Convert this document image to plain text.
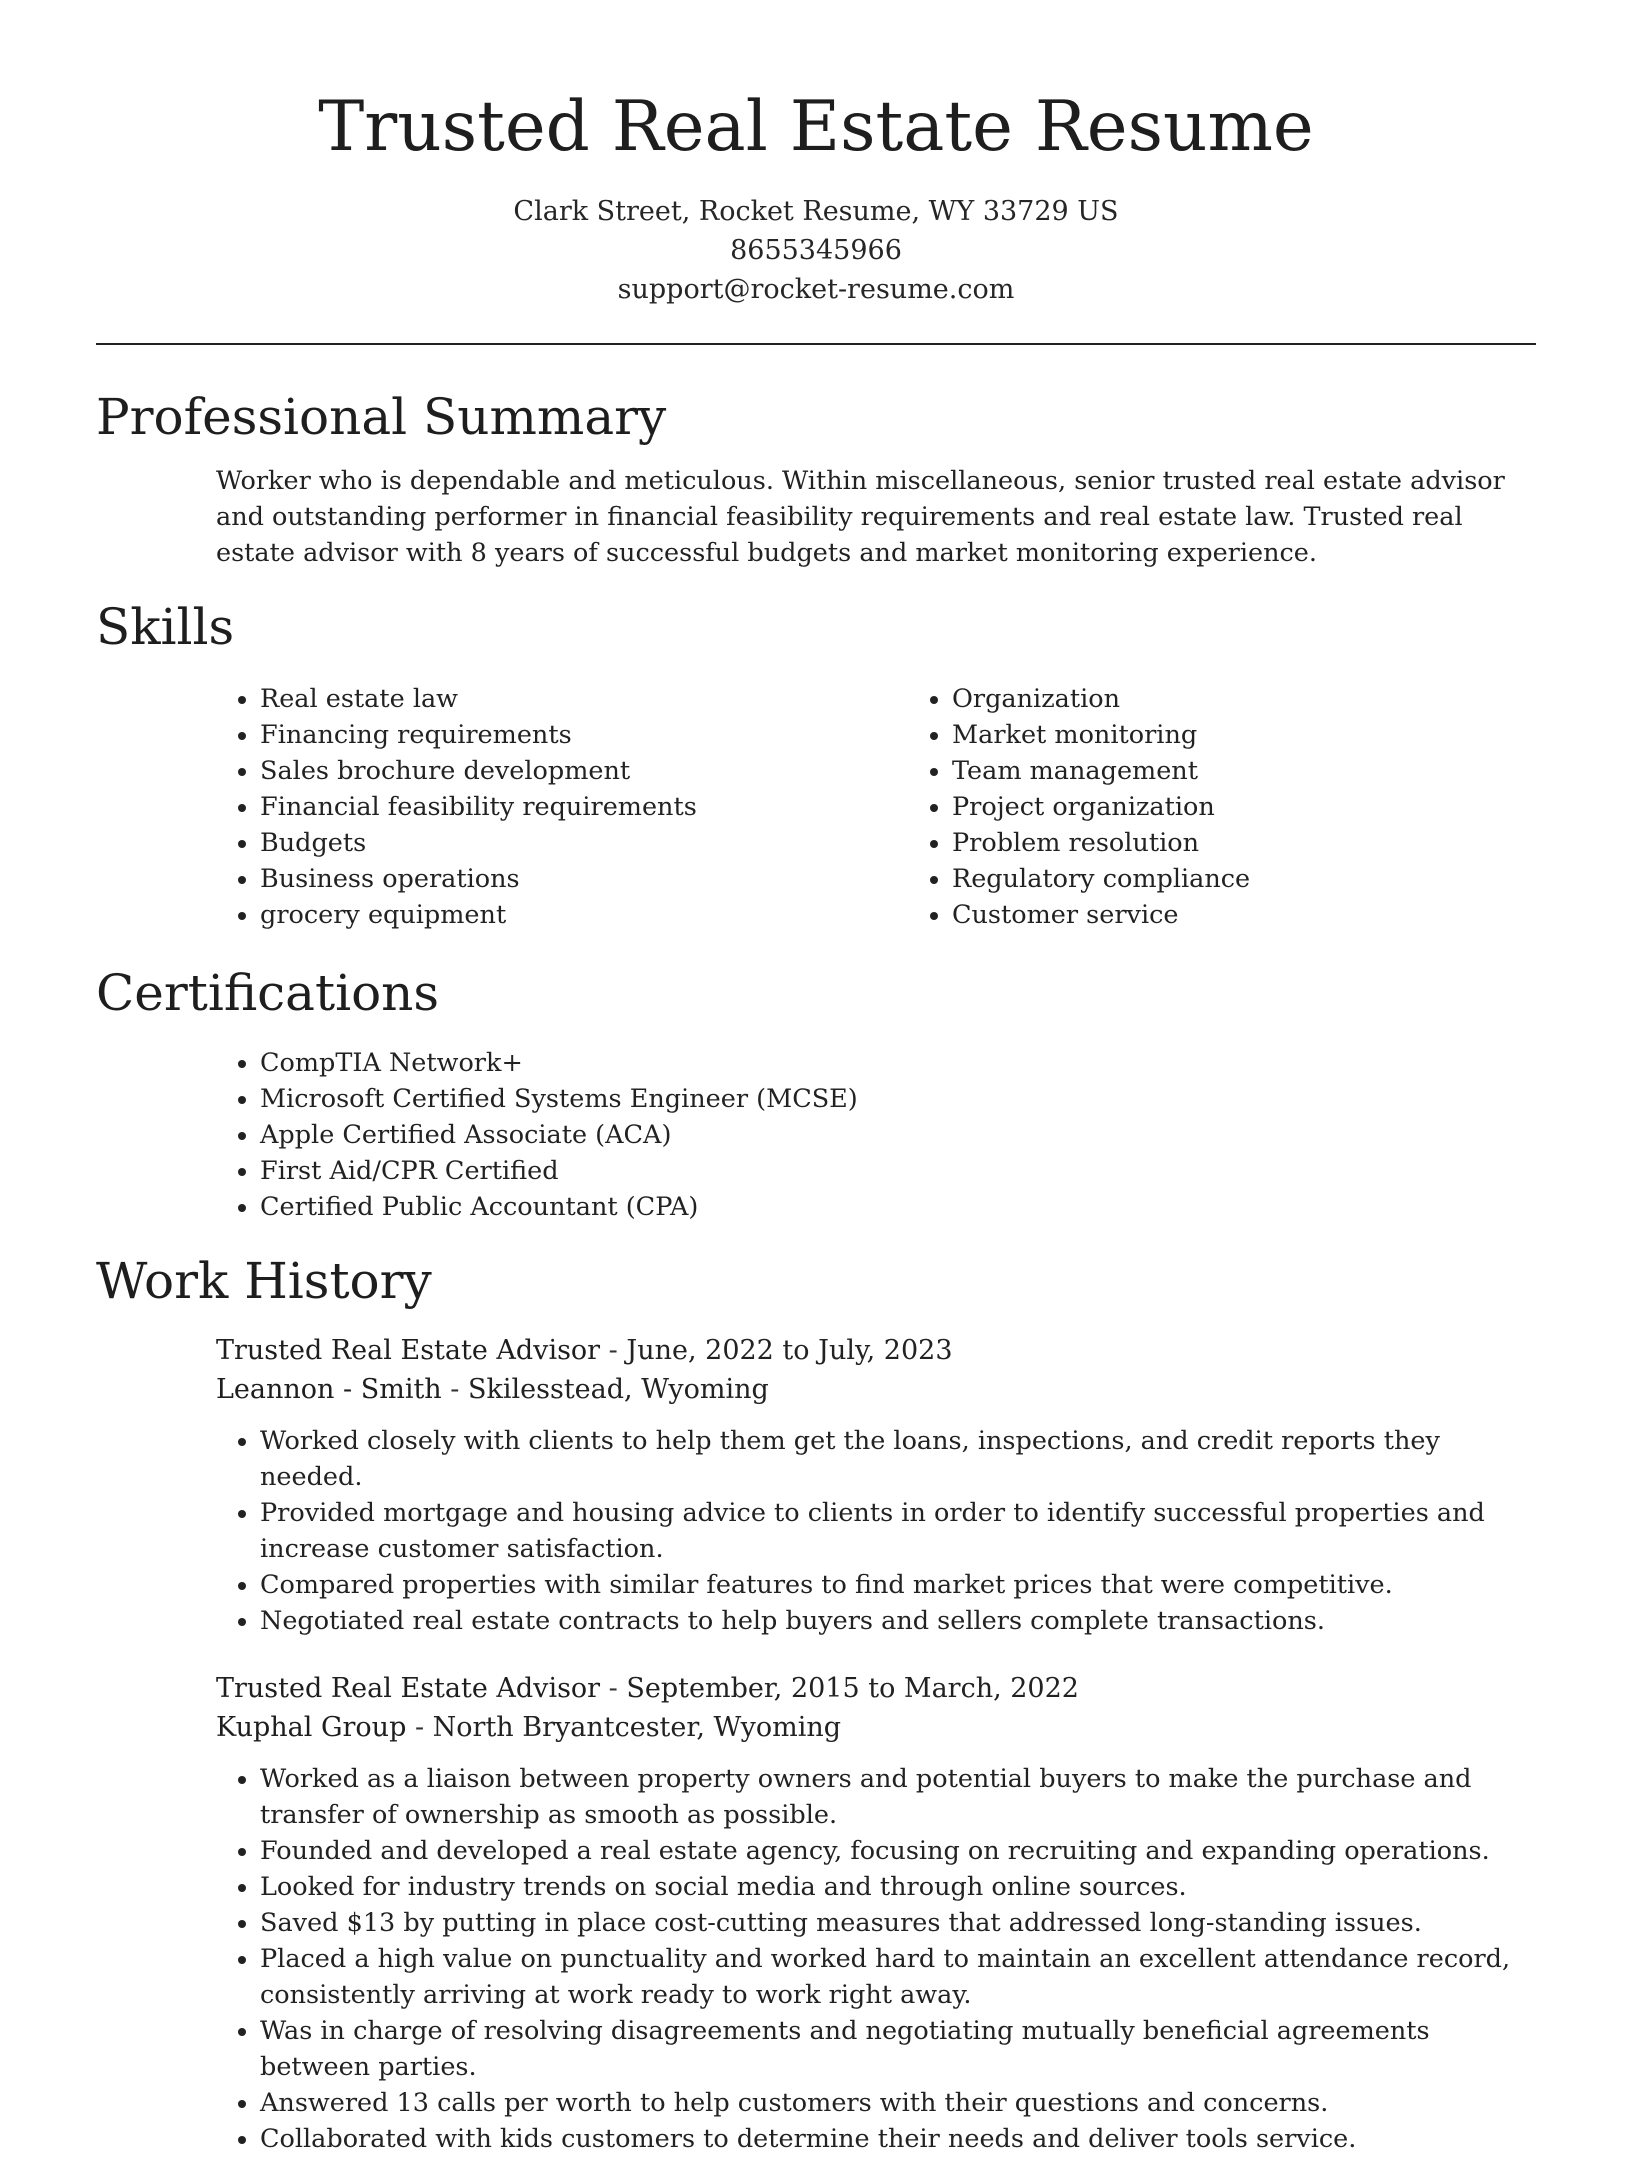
Trusted Real Estate Resume
Clark Street, Rocket Resume, WY 33729 US
8655345966
support@rocket-resume.com
Professional Summary

Worker who is dependable and meticulous. Within miscellaneous, senior trusted real estate advisor and outstanding performer in financial feasibility requirements and real estate law. Trusted real estate advisor with 8 years of successful budgets and market monitoring experience.

Skills
• Real estate law
• Financing requirements
• Sales brochure development
• Financial feasibility requirements
• Budgets
• Business operations
• grocery equipment
• Organization
• Market monitoring
• Team management
• Project organization
• Problem resolution
• Regulatory compliance
• Customer service
Certifications
• CompTIA Network+
• Microsoft Certified Systems Engineer (MCSE)
• Apple Certified Associate (ACA)
• First Aid/CPR Certified
• Certified Public Accountant (CPA)
Work History
Trusted Real Estate Advisor - June, 2022 to July, 2023
Leannon - Smith - Skilesstead, Wyoming
• Worked closely with clients to help them get the loans, inspections, and credit reports they needed.
• Provided mortgage and housing advice to clients in order to identify successful properties and increase customer satisfaction.
• Compared properties with similar features to find market prices that were competitive.
• Negotiated real estate contracts to help buyers and sellers complete transactions.
Trusted Real Estate Advisor - September, 2015 to March, 2022
Kuphal Group - North Bryantcester, Wyoming
• Worked as a liaison between property owners and potential buyers to make the purchase and transfer of ownership as smooth as possible.
• Founded and developed a real estate agency, focusing on recruiting and expanding operations.
• Looked for industry trends on social media and through online sources.
• Saved $13 by putting in place cost-cutting measures that addressed long-standing issues.
• Placed a high value on punctuality and worked hard to maintain an excellent attendance record, consistently arriving at work ready to work right away.
• Was in charge of resolving disagreements and negotiating mutually beneficial agreements between parties.
• Answered 13 calls per worth to help customers with their questions and concerns.
• Collaborated with kids customers to determine their needs and deliver tools service.
